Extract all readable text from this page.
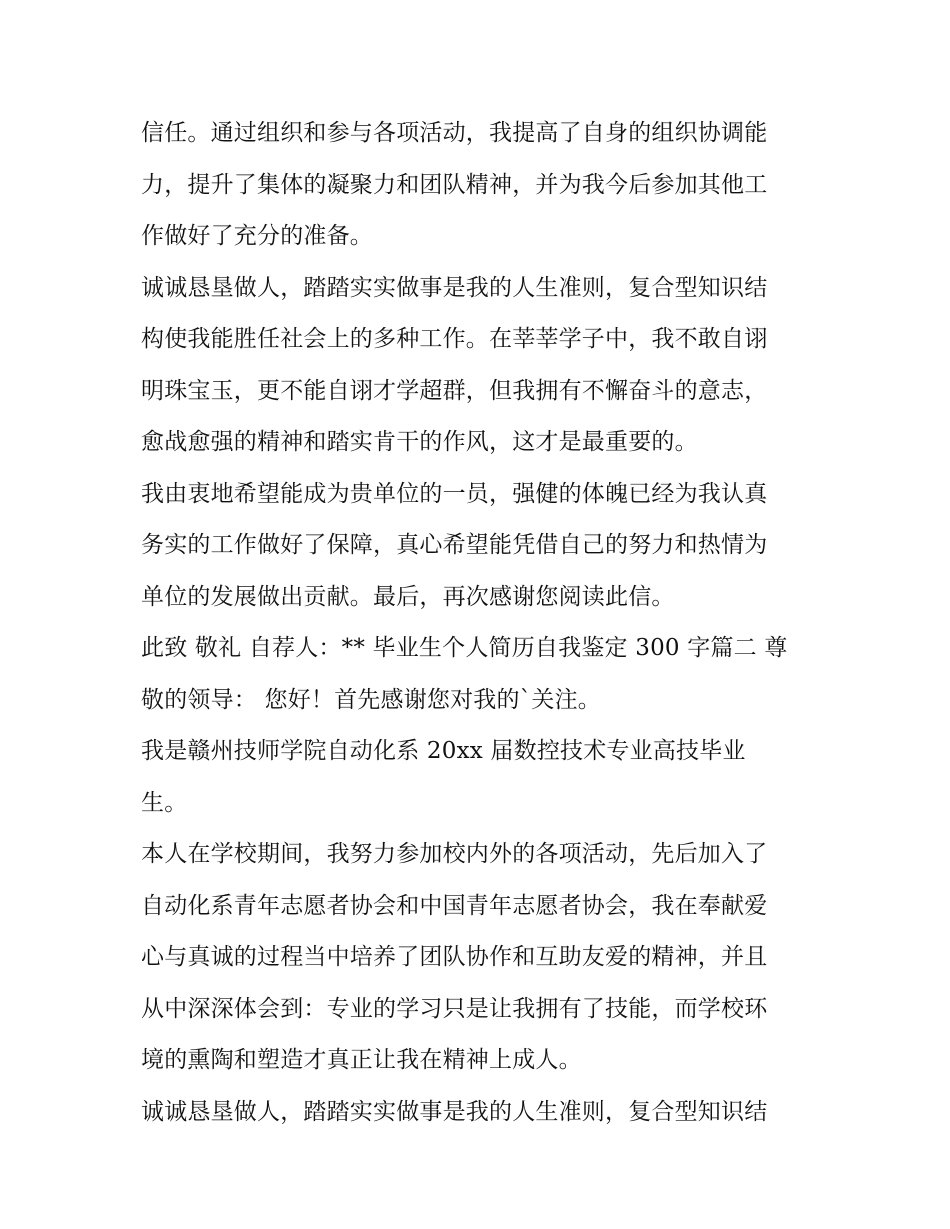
信任。通过组织和参与各项活动，我提高了自身的组织协调能
力，提升了集体的凝聚力和团队精神，并为我今后参加其他工
作做好了充分的准备。
诚诚恳垦做人，踏踏实实做事是我的人生准则，复合型知识结
构使我能胜任社会上的多种工作。在莘莘学子中，我不敢自诩
明珠宝玉，更不能自诩才学超群，但我拥有不懈奋斗的意志，
愈战愈强的精神和踏实肯干的作风，这才是最重要的。
我由衷地希望能成为贵单位的一员，强健的体魄已经为我认真
务实的工作做好了保障，真心希望能凭借自己的努力和热情为
单位的发展做出贡献。最后，再次感谢您阅读此信。
此致 敬礼 自荐人：** 毕业生个人简历自我鉴定 300 字篇二 尊
敬的领导： 您好！首先感谢您对我的`关注。
我是赣州技师学院自动化系 20xx 届数控技术专业高技毕业
生。
本人在学校期间，我努力参加校内外的各项活动，先后加入了
自动化系青年志愿者协会和中国青年志愿者协会，我在奉献爱
心与真诚的过程当中培养了团队协作和互助友爱的精神，并且
从中深深体会到：专业的学习只是让我拥有了技能，而学校环
境的熏陶和塑造才真正让我在精神上成人。
诚诚恳垦做人，踏踏实实做事是我的人生准则，复合型知识结
